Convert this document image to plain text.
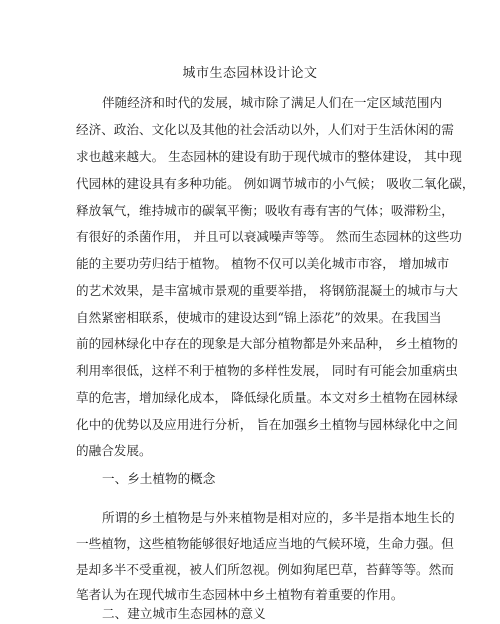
城市生态园林设计论文

伴随经济和时代的发展，城市除了满足人们在一定区域范围内

经济、政治、文化以及其他的社会活动以外，人们对于生活休闲的需

求也越来越大。 生态园林的建设有助于现代城市的整体建设， 其中现

代园林的建设具有多种功能。 例如调节城市的小气候； 吸收二氧化碳，

释放氧气，维持城市的碳氧平衡；吸收有毒有害的气体；吸滞粉尘，

有很好的杀菌作用， 并且可以衰减噪声等等。 然而生态园林的这些功

能的主要功劳归结于植物。 植物不仅可以美化城市市容， 增加城市

的艺术效果，是丰富城市景观的重要举措， 将钢筋混凝土的城市与大

自然紧密相联系，使城市的建设达到“锦上添花”的效果。在我国当

前的园林绿化中存在的现象是大部分植物都是外来品种， 乡土植物的

利用率很低，这样不利于植物的多样性发展， 同时有可能会加重病虫

草的危害，增加绿化成本， 降低绿化质量。本文对乡土植物在园林绿

化中的优势以及应用进行分析， 旨在加强乡土植物与园林绿化中之间

的融合发展。

一、乡土植物的概念

所谓的乡土植物是与外来植物是相对应的，多半是指本地生长的

一些植物，这些植物能够很好地适应当地的气候环境，生命力强。但

是却多半不受重视，被人们所忽视。例如狗尾巴草，苔藓等等。然而

笔者认为在现代城市生态园林中乡土植物有着重要的作用。

二、建立城市生态园林的意义
